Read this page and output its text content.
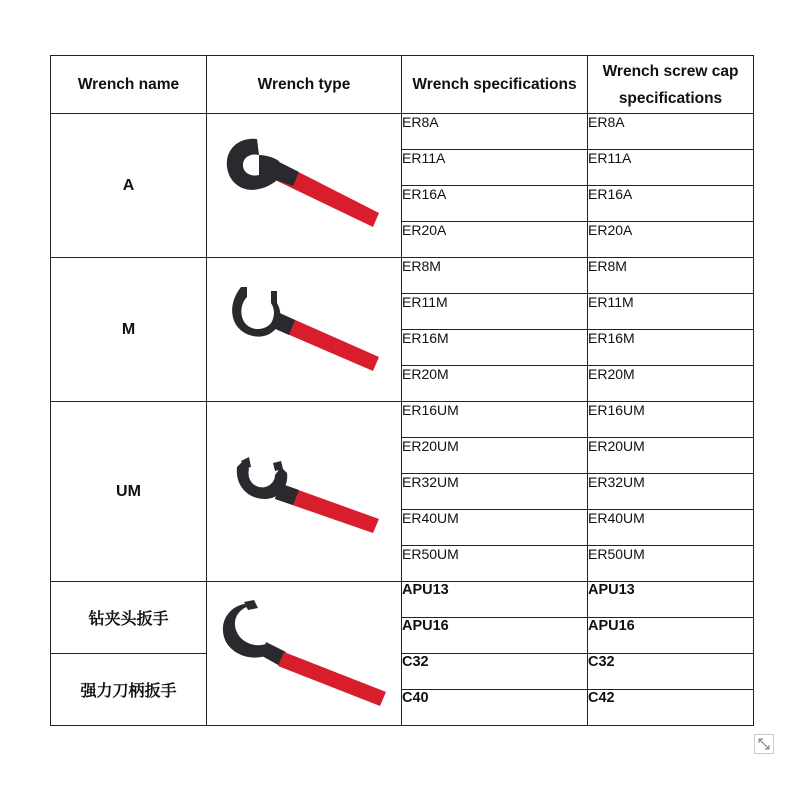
Wrench name	Wrench type	Wrench specifications	Wrench screw cap specifications
A		ER8A	ER8A
		ER11A	ER11A
		ER16A	ER16A
		ER20A	ER20A
M		ER8M	ER8M
		ER11M	ER11M
		ER16M	ER16M
		ER20M	ER20M
UM		ER16UM	ER16UM
		ER20UM	ER20UM
		ER32UM	ER32UM
		ER40UM	ER40UM
		ER50UM	ER50UM
钻夹头扳手		APU13	APU13
		APU16	APU16
强力刀柄扳手		C32	C32
		C40	C42
